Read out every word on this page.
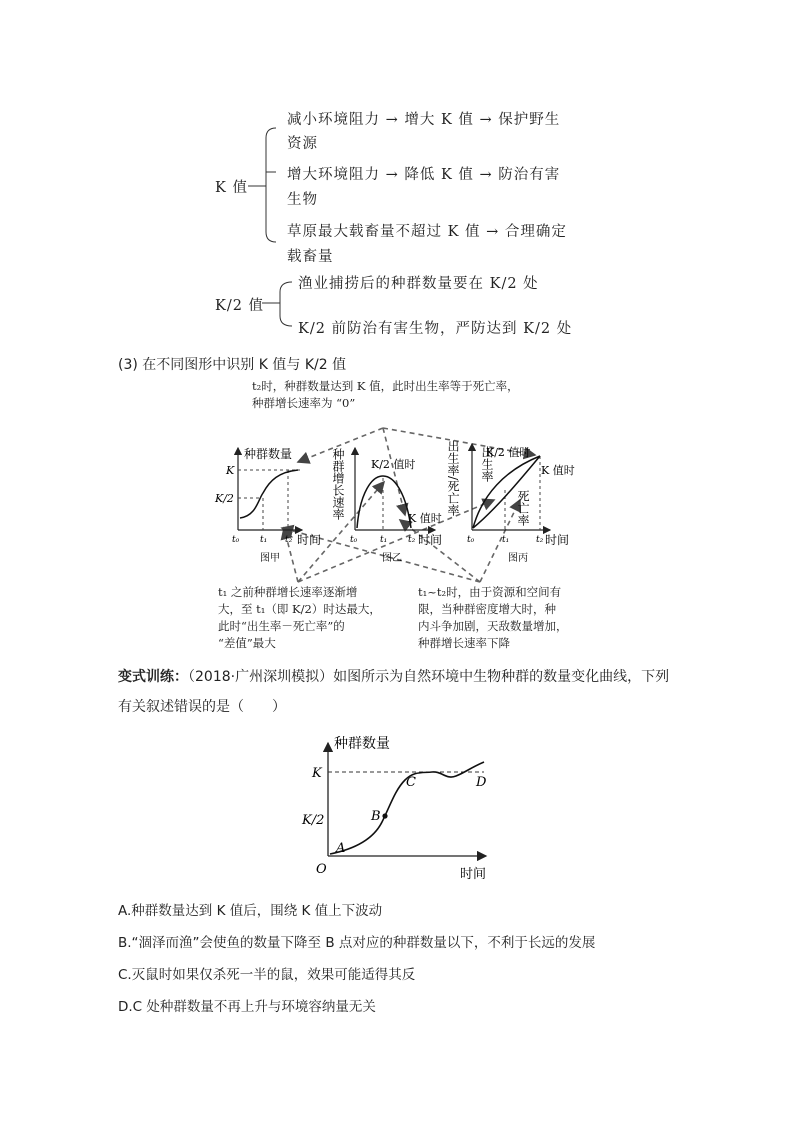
K 值
减小环境阻力 → 增大 K 值 → 保护野生
资源
增大环境阻力 → 降低 K 值 → 防治有害
生物
草原最大载畜量不超过 K 值 → 合理确定
载畜量
K/2 值
渔业捕捞后的种群数量要在 K/2 处
K/2 前防治有害生物，严防达到 K/2 处
(3) 在不同图形中识别 K 值与 K/2 值
t₂时，种群数量达到 K 值，此时出生率等于死亡率，
种群增长速率为 “0”
t₁ 之前种群增长速率逐渐增
大，至 t₁（即 K/2）时达最大，
此时“出生率－死亡率”的
“差值”最大
t₁~t₂时，由于资源和空间有
限，当种群密度增大时，种
内斗争加剧，天敌数量增加，
种群增长速率下降
种群数量
K
K/2
t₀ t₁ t₂ 时间
图甲
种群增长速率 K/2 值时
K 值时
t₀	t₁ t₂ 时间
图乙
出生率/死亡率 K/2 值时
K 值时
出生率
死亡率
t₀	t₁	t₂ 时间
图丙
变式训练：（2018·广州深圳模拟）如图所示为自然环境中生物种群的数量变化曲线，下列
有关叙述错误的是（　　）
种群数量
时间
K
K/2
O
A
B
C	D
A.种群数量达到 K 值后，围绕 K 值上下波动
B.“涸泽而渔”会使鱼的数量下降至 B 点对应的种群数量以下，不利于长远的发展
C.灭鼠时如果仅杀死一半的鼠，效果可能适得其反
D.C 处种群数量不再上升与环境容纳量无关
